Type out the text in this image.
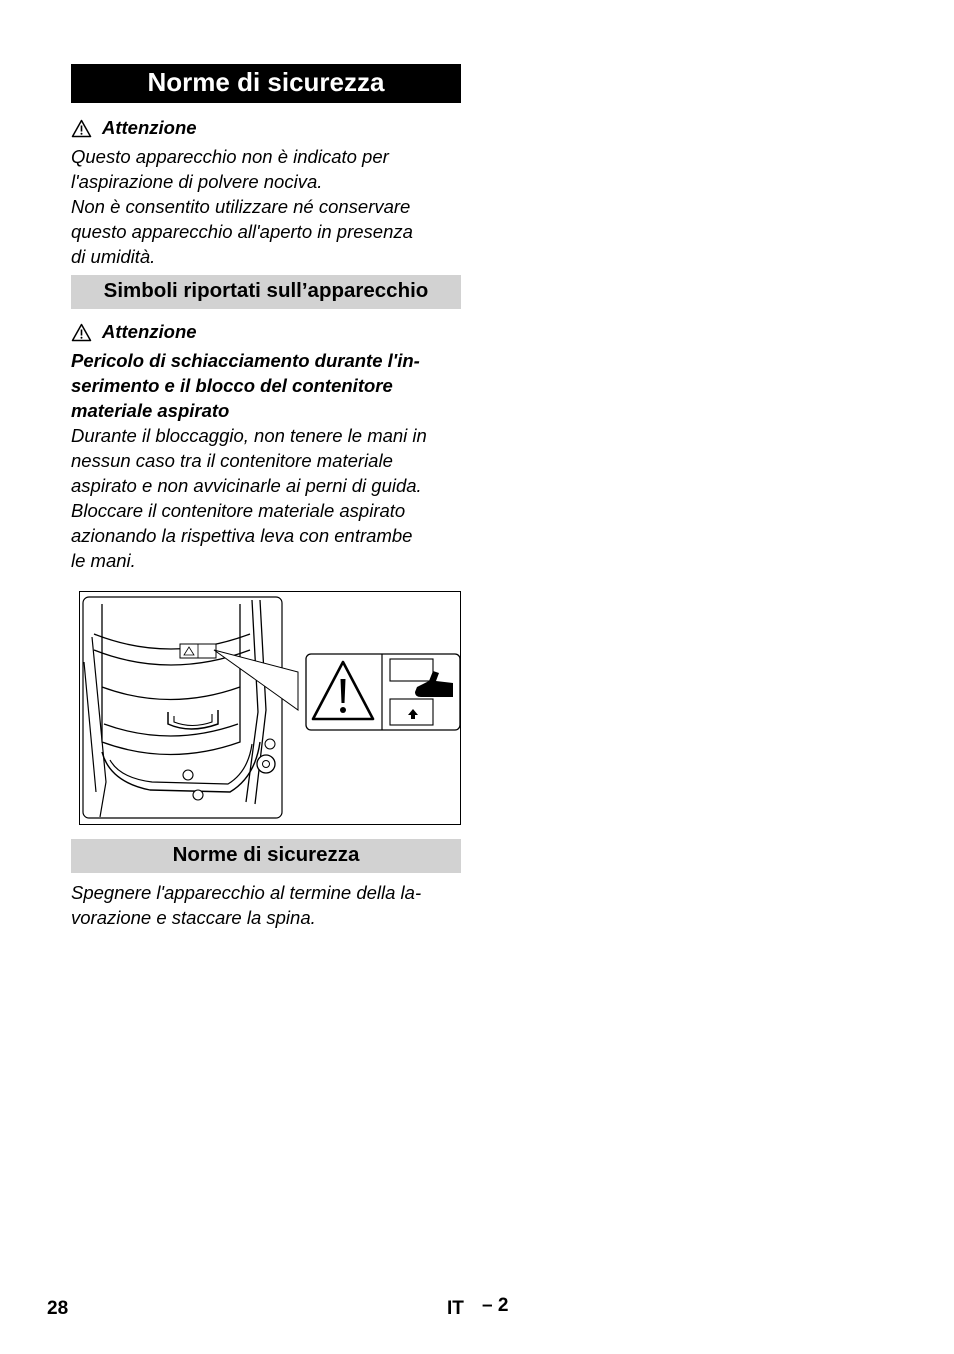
Norme di sicurezza
Attenzione

Questo apparecchio non è indicato per

l'aspirazione di polvere nociva.

Non è consentito utilizzare né conservare

questo apparecchio all'aperto in presenza

di umidità.

Simboli riportati sull’apparecchio
Attenzione

Pericolo di schiacciamento durante l'in-

serimento e il blocco del contenitore

materiale aspirato

Durante il bloccaggio, non tenere le mani in

nessun caso tra il contenitore materiale

aspirato e non avvicinarle ai perni di guida.

Bloccare il contenitore materiale aspirato

azionando la rispettiva leva con entrambe

le mani.

Norme di sicurezza

Spegnere l'apparecchio al termine della la-

vorazione e staccare la spina.

28	IT – 2
